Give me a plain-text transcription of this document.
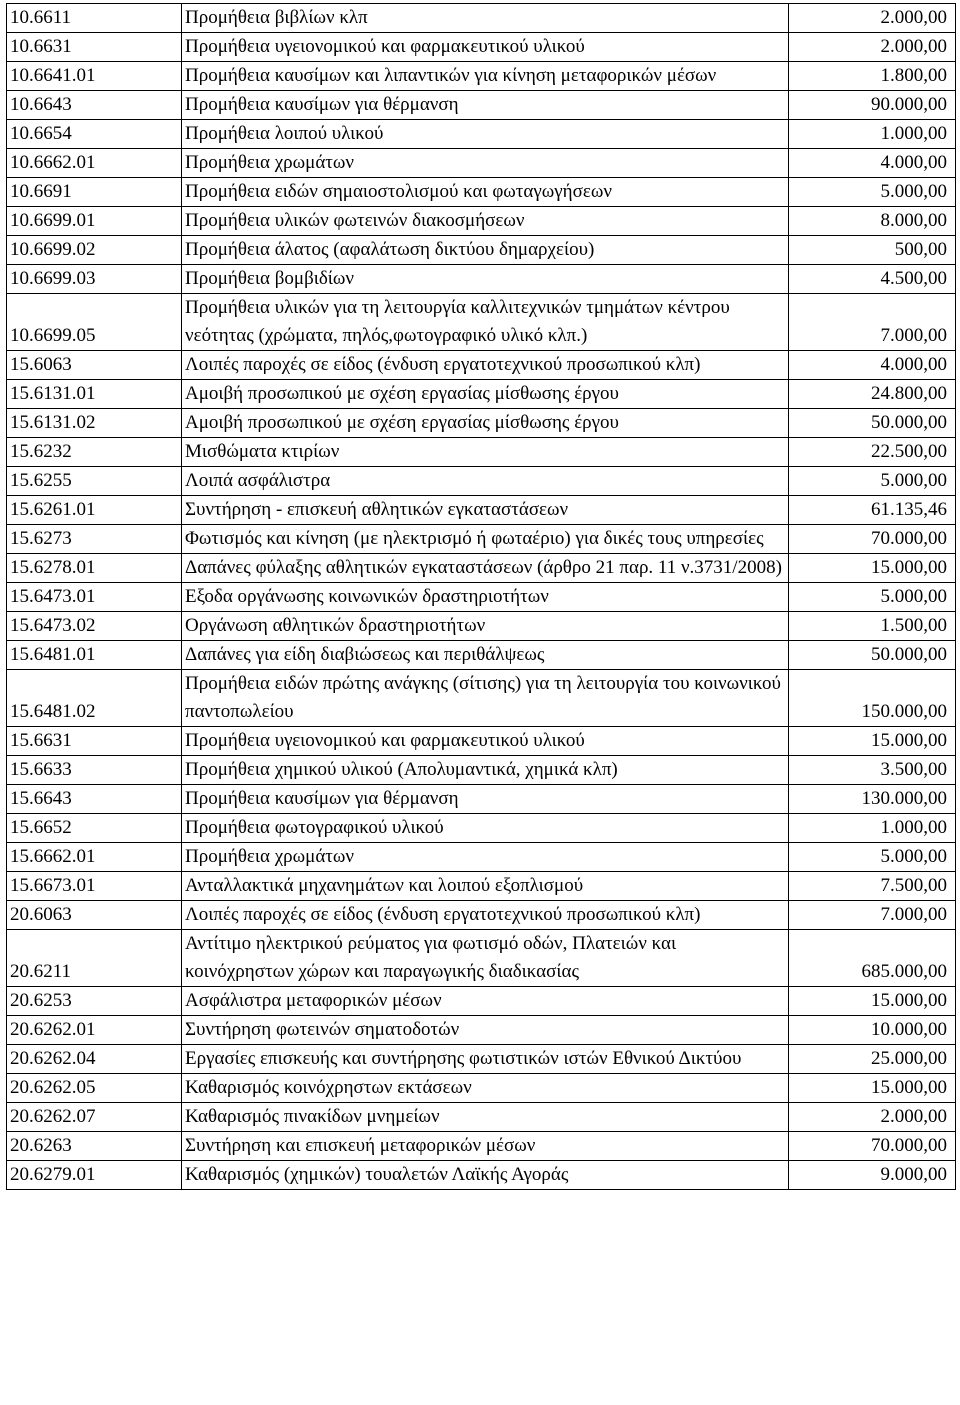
10.6611	Προμήθεια βιβλίων κλπ	2.000,00
10.6631	Προμήθεια υγειονομικού και φαρμακευτικού υλικού	2.000,00
10.6641.01	Προμήθεια καυσίμων και λιπαντικών για κίνηση μεταφορικών μέσων	1.800,00
10.6643	Προμήθεια καυσίμων για θέρμανση	90.000,00
10.6654	Προμήθεια λοιπού υλικού	1.000,00
10.6662.01	Προμήθεια χρωμάτων	4.000,00
10.6691	Προμήθεια ειδών σημαιοστολισμού και φωταγωγήσεων	5.000,00
10.6699.01	Προμήθεια υλικών φωτεινών διακοσμήσεων	8.000,00
10.6699.02	Προμήθεια άλατος (αφαλάτωση δικτύου δημαρχείου)	500,00
10.6699.03	Προμήθεια βομβιδίων	4.500,00
10.6699.05	Προμήθεια υλικών για τη λειτουργία καλλιτεχνικών τμημάτων κέντρου νεότητας (χρώματα, πηλός,φωτογραφικό υλικό κλπ.)	7.000,00
15.6063	Λοιπές παροχές σε είδος (ένδυση εργατοτεχνικού προσωπικού κλπ)	4.000,00
15.6131.01	Αμοιβή προσωπικού με σχέση εργασίας μίσθωσης έργου	24.800,00
15.6131.02	Αμοιβή προσωπικού με σχέση εργασίας μίσθωσης έργου	50.000,00
15.6232	Μισθώματα κτιρίων	22.500,00
15.6255	Λοιπά ασφάλιστρα	5.000,00
15.6261.01	Συντήρηση - επισκευή αθλητικών εγκαταστάσεων	61.135,46
15.6273	Φωτισμός και κίνηση (με ηλεκτρισμό ή φωταέριο) για δικές τους υπηρεσίες	70.000,00
15.6278.01	Δαπάνες φύλαξης αθλητικών εγκαταστάσεων (άρθρο 21 παρ. 11 ν.3731/2008)	15.000,00
15.6473.01	Εξοδα οργάνωσης κοινωνικών δραστηριοτήτων	5.000,00
15.6473.02	Οργάνωση αθλητικών δραστηριοτήτων	1.500,00
15.6481.01	Δαπάνες για είδη διαβιώσεως και περιθάλψεως	50.000,00
15.6481.02	Προμήθεια ειδών πρώτης ανάγκης (σίτισης) για τη λειτουργία του κοινωνικού παντοπωλείου	150.000,00
15.6631	Προμήθεια υγειονομικού και φαρμακευτικού υλικού	15.000,00
15.6633	Προμήθεια χημικού υλικού (Απολυμαντικά, χημικά κλπ)	3.500,00
15.6643	Προμήθεια καυσίμων για θέρμανση	130.000,00
15.6652	Προμήθεια φωτογραφικού υλικού	1.000,00
15.6662.01	Προμήθεια χρωμάτων	5.000,00
15.6673.01	Ανταλλακτικά μηχανημάτων και λοιπού εξοπλισμού	7.500,00
20.6063	Λοιπές παροχές σε είδος (ένδυση εργατοτεχνικού προσωπικού κλπ)	7.000,00
20.6211	Αντίτιμο ηλεκτρικού ρεύματος για φωτισμό οδών, Πλατειών και κοινόχρηστων χώρων και παραγωγικής διαδικασίας	685.000,00
20.6253	Ασφάλιστρα μεταφορικών μέσων	15.000,00
20.6262.01	Συντήρηση φωτεινών σηματοδοτών	10.000,00
20.6262.04	Εργασίες επισκευής και συντήρησης φωτιστικών ιστών Εθνικού Δικτύου	25.000,00
20.6262.05	Καθαρισμός κοινόχρηστων εκτάσεων	15.000,00
20.6262.07	Καθαρισμός πινακίδων μνημείων	2.000,00
20.6263	Συντήρηση και επισκευή μεταφορικών μέσων	70.000,00
20.6279.01	Καθαρισμός (χημικών) τουαλετών Λαϊκής Αγοράς	9.000,00
